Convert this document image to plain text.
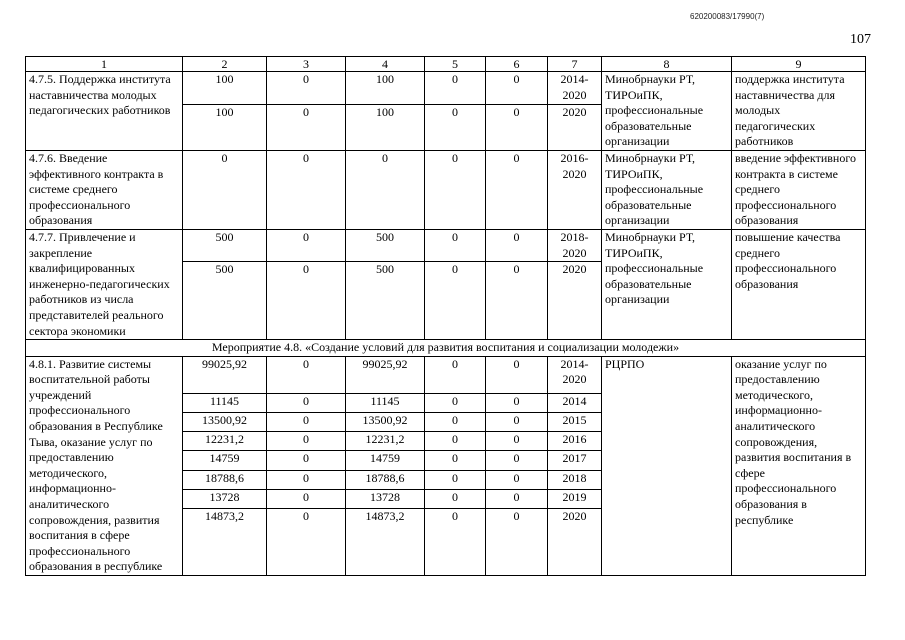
620200083/17990(7)
107
1	2	3	4	5	6	7	8	9
4.7.5. Поддержка института наставничества молодых педагогических работников	100	0	100	0	0	2014-2020	Минобрнауки РТ, ТИРОиПК, профессиональные образовательные организации	поддержка института наставничества для молодых педагогических работников
	100	0	100	0	0	2020		
4.7.6. Введение эффективного контракта в системе среднего профессионального образования	0	0	0	0	0	2016-2020	Минобрнауки РТ, ТИРОиПК, профессиональные образовательные организации	введение эффективного контракта в системе среднего профессионального образования
4.7.7. Привлечение и закрепление квалифицированных инженерно-педагогических работников из числа представителей реального сектора экономики	500	0	500	0	0	2018-2020	Минобрнауки РТ, ТИРОиПК, профессиональные образовательные организации	повышение качества среднего профессионального образования
	500	0	500	0	0	2020		
Мероприятие 4.8. «Создание условий для развития воспитания и социализации молодежи»								
4.8.1. Развитие системы воспитательной работы учреждений профессионального образования в Республике Тыва, оказание услуг по предоставлению методического, информационно-аналитического сопровождения, развития воспитания в сфере профессионального образования в республике	99025,92	0	99025,92	0	0	2014-2020	РЦРПО	оказание услуг по предоставлению методического, информационно-аналитического сопровождения, развития воспитания в сфере профессионального образования в республике
	11145	0	11145	0	0	2014		
	13500,92	0	13500,92	0	0	2015		
	12231,2	0	12231,2	0	0	2016		
	14759	0	14759	0	0	2017		
	18788,6	0	18788,6	0	0	2018		
	13728	0	13728	0	0	2019		
	14873,2	0	14873,2	0	0	2020		
